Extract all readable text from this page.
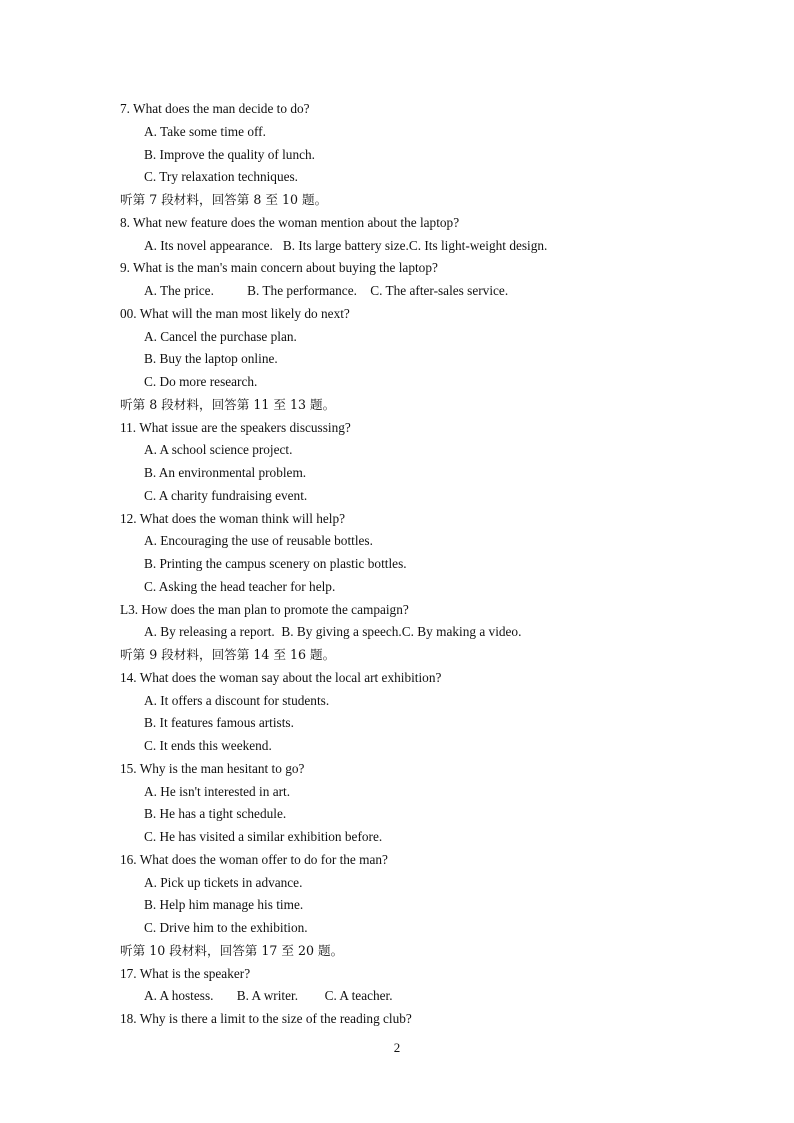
7. What does the man decide to do?
A. Take some time off.
B. Improve the quality of lunch.
C. Try relaxation techniques.
听第 7 段材料，回答第 8 至 10 题。
8. What new feature does the woman mention about the laptop?
A. Its novel appearance.   B. Its large battery size.C. Its light-weight design.
9. What is the man's main concern about buying the laptop?
A. The price.          B. The performance.    C. The after-sales service.
00. What will the man most likely do next?
A. Cancel the purchase plan.
B. Buy the laptop online.
C. Do more research.
听第 8 段材料，回答第 11 至 13 题。
11. What issue are the speakers discussing?
A. A school science project.
B. An environmental problem.
C. A charity fundraising event.
12. What does the woman think will help?
A. Encouraging the use of reusable bottles.
B. Printing the campus scenery on plastic bottles.
C. Asking the head teacher for help.
L3. How does the man plan to promote the campaign?
A. By releasing a report.  B. By giving a speech.C. By making a video.
听第 9 段材料，回答第 14 至 16 题。
14. What does the woman say about the local art exhibition?
A. It offers a discount for students.
B. It features famous artists.
C. It ends this weekend.
15. Why is the man hesitant to go?
A. He isn't interested in art.
B. He has a tight schedule.
C. He has visited a similar exhibition before.
16. What does the woman offer to do for the man?
A. Pick up tickets in advance.
B. Help him manage his time.
C. Drive him to the exhibition.
听第 10 段材料，回答第 17 至 20 题。
17. What is the speaker?
A. A hostess.       B. A writer.        C. A teacher.
18. Why is there a limit to the size of the reading club?
2
